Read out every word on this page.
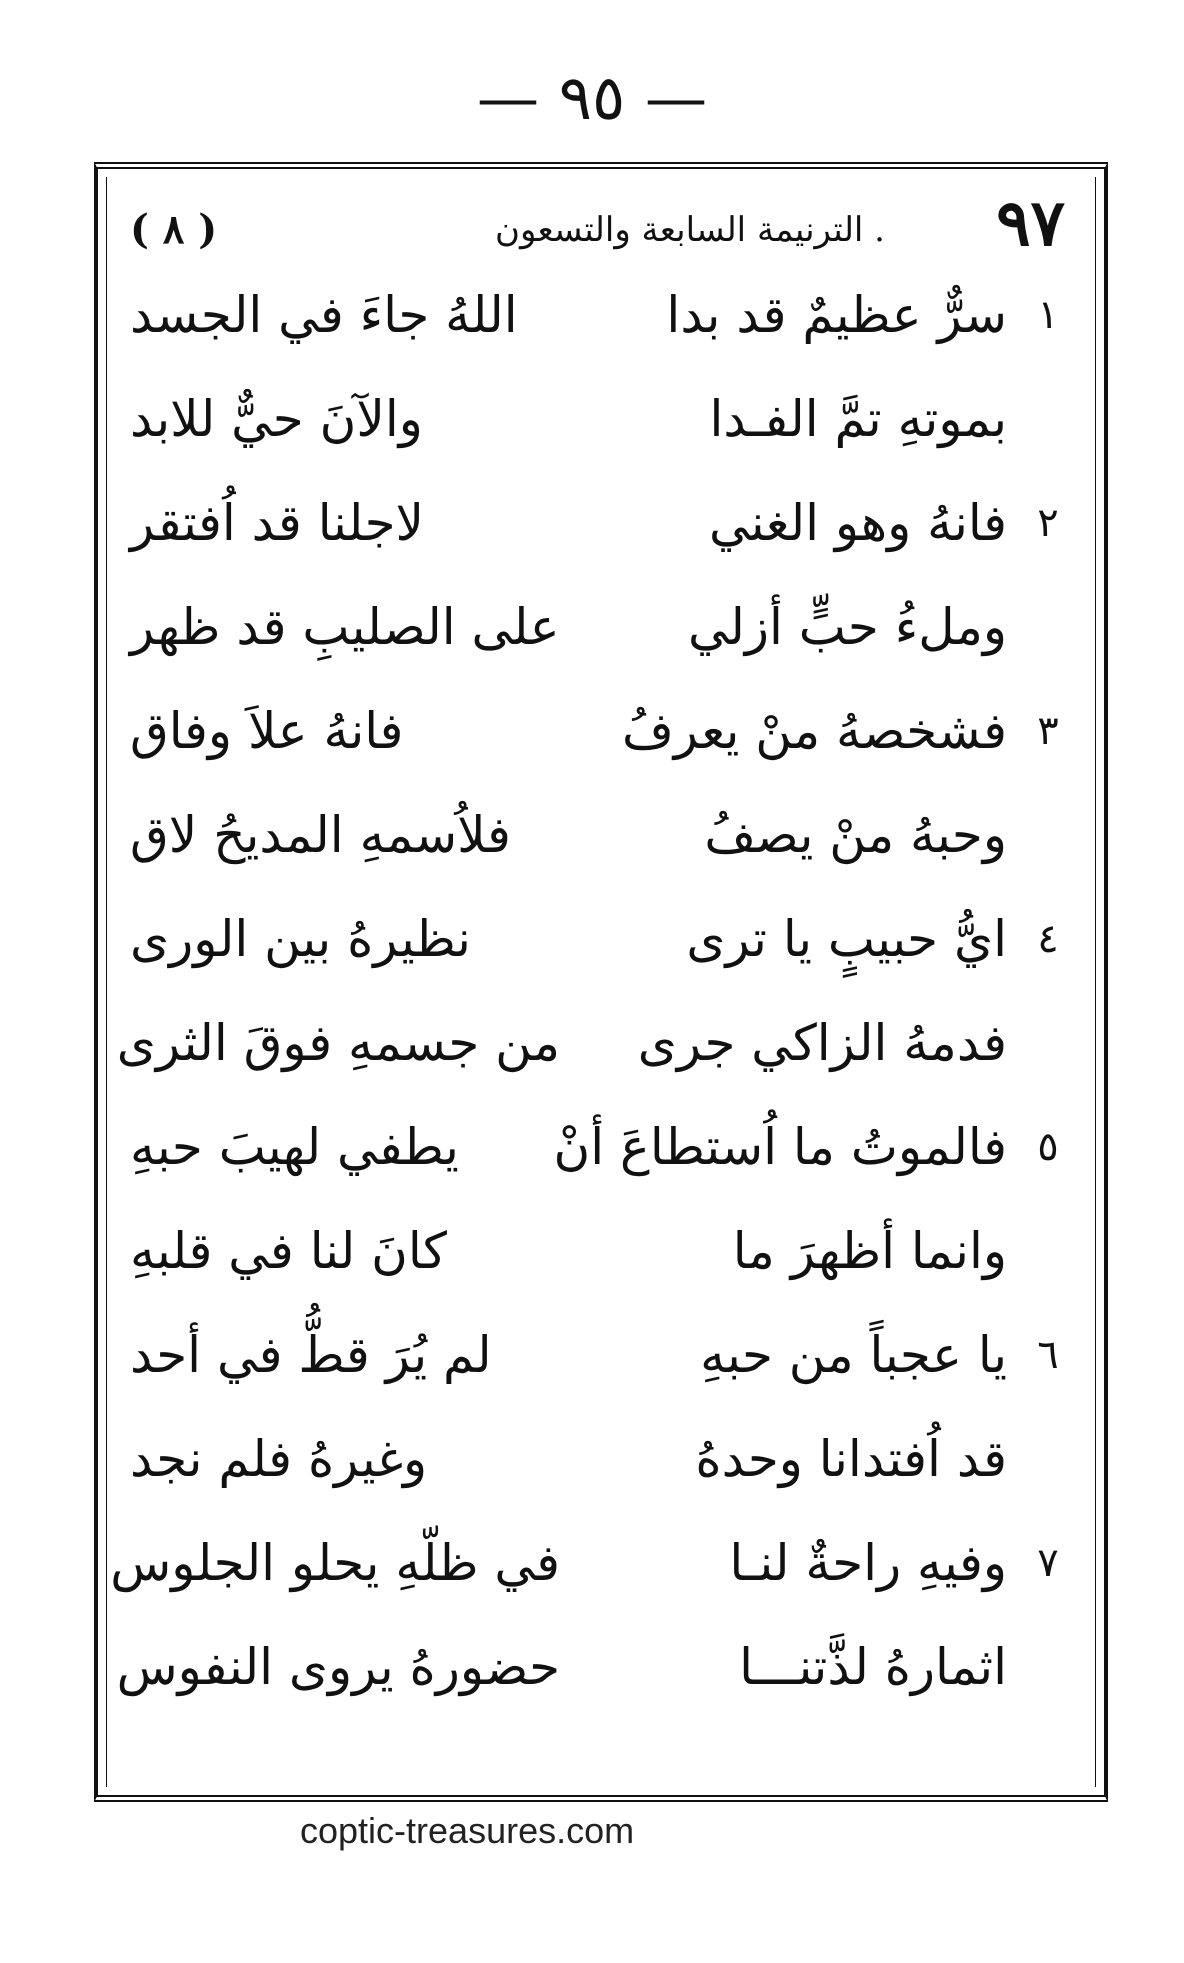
— ٩٥ —
٩٧
. الترنيمة السابعة والتسعون
( ٨ )
١
سرٌّ عظيمٌ قد بدا
اللهُ جاءَ في الجسد
بموتهِ تمَّ الفـدا
والآنَ حيٌّ للابد
٢
فانهُ وهو الغني
لاجلنا قد اُفتقر
وملءُ حبٍّ أزلي
على الصليبِ قد ظهر
٣
فشخصهُ منْ يعرفُ
فانهُ علاَ وفاق
وحبهُ منْ يصفُ
فلاُسمهِ المديحُ لاق
٤
ايُّ حبيبٍ يا ترى
نظيرهُ بين الورى
فدمهُ الزاكي جرى
من جسمهِ فوقَ الثرى
٥
فالموتُ ما اُستطاعَ أنْ
يطفي لهيبَ حبهِ
وانما أظهرَ ما
كانَ لنا في قلبهِ
٦
يا عجباً من حبهِ
لم يُرَ قطُّ في أحد
قد اُفتدانا وحدهُ
وغيرهُ فلم نجد
٧
وفيهِ راحةٌ لنـا
في ظلّهِ يحلو الجلوس
اثمارهُ لذَّتنـــا
حضورهُ يروى النفوس
coptic-treasures.com
